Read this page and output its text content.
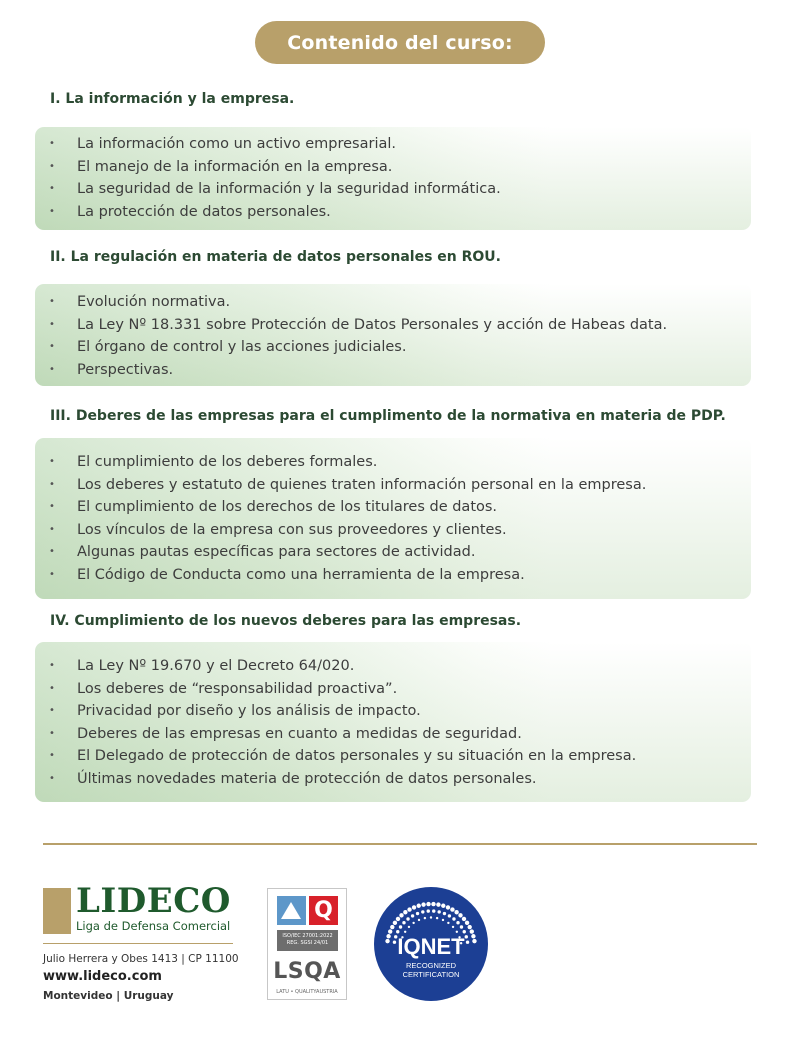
Contenido del curso:
I. La información y la empresa.
• La información como un activo empresarial.
• El manejo de la información en la empresa.
• La seguridad de la información y la seguridad informática.
• La protección de datos personales.
II. La regulación en materia de datos personales en ROU.
• Evolución normativa.
• La Ley Nº 18.331 sobre Protección de Datos Personales y acción de Habeas data.
• El órgano de control y las acciones judiciales.
• Perspectivas.
III. Deberes de las empresas para el cumplimento de la normativa en materia de PDP.
• El cumplimiento de los deberes formales.
• Los deberes y estatuto de quienes traten información personal en la empresa.
• El cumplimiento de los derechos de los titulares de datos.
• Los vínculos de la empresa con sus proveedores y clientes.
• Algunas pautas específicas para sectores de actividad.
• El Código de Conducta como una herramienta de la empresa.
IV. Cumplimiento de los nuevos deberes para las empresas.
• La Ley Nº 19.670 y el Decreto 64/020.
• Los deberes de “responsabilidad proactiva”.
• Privacidad por diseño y los análisis de impacto.
• Deberes de las empresas en cuanto a medidas de seguridad.
• El Delegado de protección de datos personales y su situación en la empresa.
• Últimas novedades materia de protección de datos personales.
LIDECO
Liga de Defensa Comercial
Julio Herrera y Obes 1413 | CP 11100
www.lideco.com
Montevideo | Uruguay
Q
ISO/IEC 27001:2022
REG. SGSI 24/01
LSQA
LATU • QUALITYAUSTRIA
IQNET
RECOGNIZED
CERTIFICATION
